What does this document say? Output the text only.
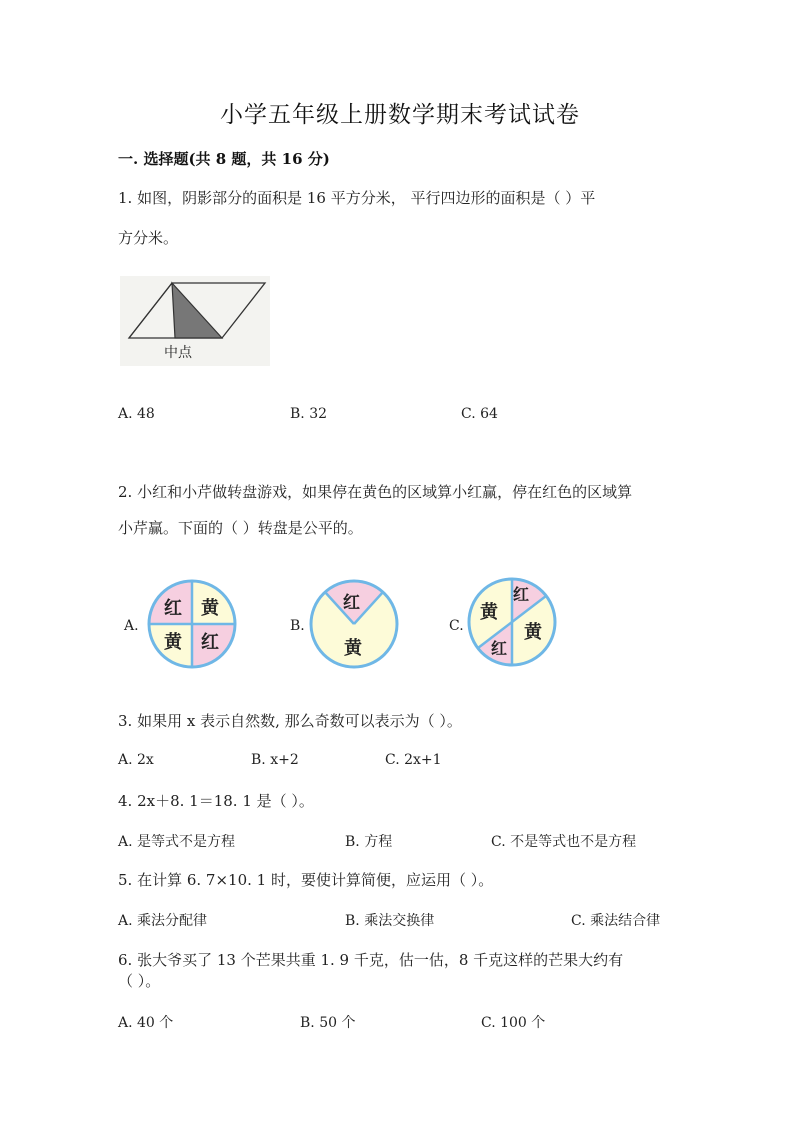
小学五年级上册数学期末考试试卷
一. 选择题(共 8 题，共 16 分)
1. 如图，阴影部分的面积是 16 平方分米， 平行四边形的面积是（ ）平
方分米。
中点
A. 48	B. 32	C. 64
2. 小红和小芹做转盘游戏，如果停在黄色的区域算小红赢，停在红色的区域算
小芹赢。下面的（ ）转盘是公平的。
A.
红 黄
黄 红
B.
红
黄
C.
红
黄
黄
红
3. 如果用 x 表示自然数, 那么奇数可以表示为（ ）。
A. 2x	B. x+2	C. 2x+1
4. 2x＋8. 1＝18. 1 是（ ）。
A. 是等式不是方程	B. 方程	C. 不是等式也不是方程
5. 在计算 6. 7×10. 1 时，要使计算简便，应运用（ ）。
A. 乘法分配律	B. 乘法交换律	C. 乘法结合律
6. 张大爷买了 13 个芒果共重 1. 9 千克，估一估，8 千克这样的芒果大约有
（ ）。
A. 40 个	B. 50 个	C. 100 个
